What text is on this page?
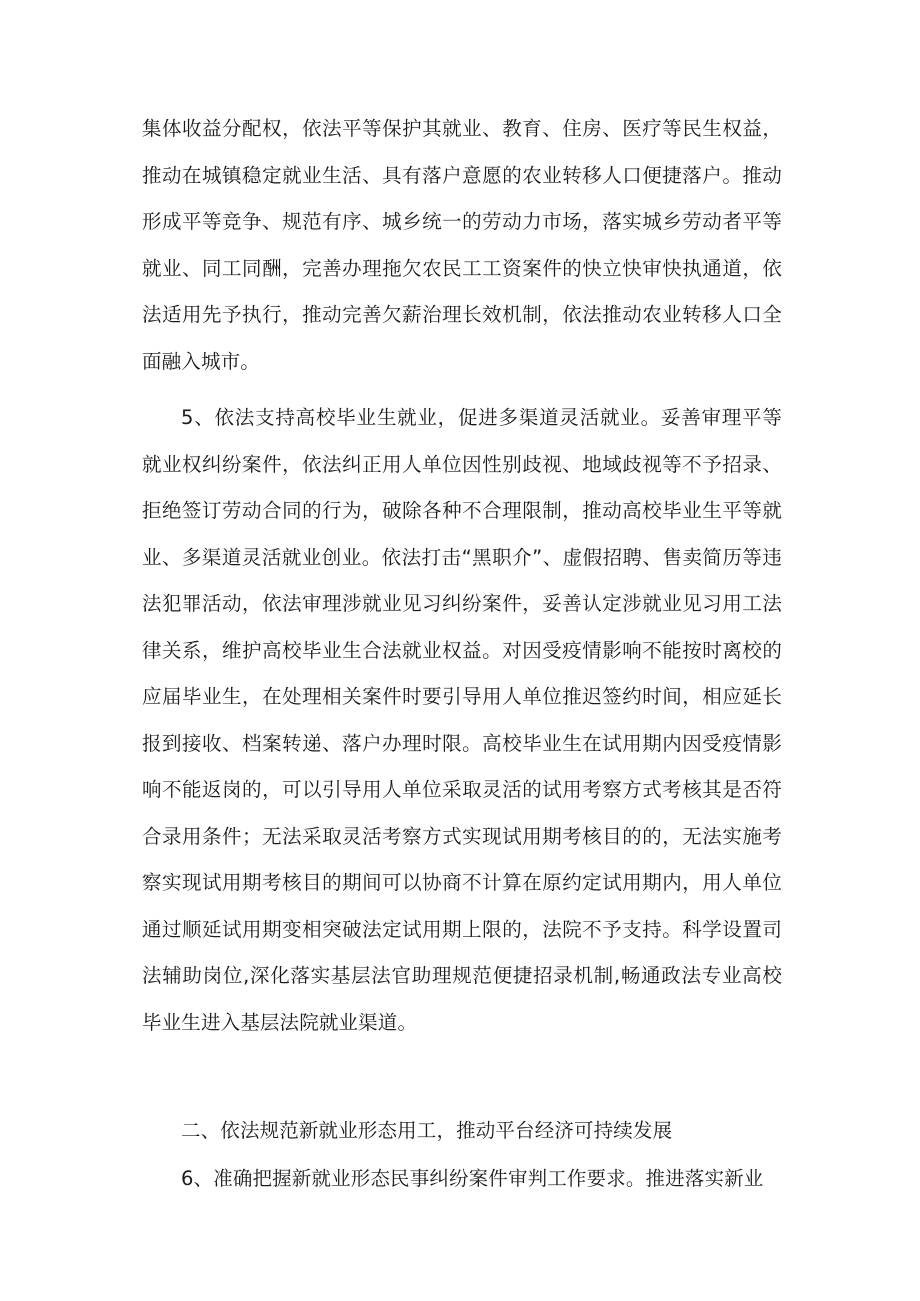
集体收益分配权，依法平等保护其就业、教育、住房、医疗等民生权益，推动在城镇稳定就业生活、具有落户意愿的农业转移人口便捷落户。推动形成平等竞争、规范有序、城乡统一的劳动力市场，落实城乡劳动者平等就业、同工同酬，完善办理拖欠农民工工资案件的快立快审快执通道，依法适用先予执行，推动完善欠薪治理长效机制，依法推动农业转移人口全面融入城市。

5、依法支持高校毕业生就业，促进多渠道灵活就业。妥善审理平等就业权纠纷案件，依法纠正用人单位因性别歧视、地域歧视等不予招录、拒绝签订劳动合同的行为，破除各种不合理限制，推动高校毕业生平等就业、多渠道灵活就业创业。依法打击“黑职介”、虚假招聘、售卖简历等违法犯罪活动，依法审理涉就业见习纠纷案件，妥善认定涉就业见习用工法律关系，维护高校毕业生合法就业权益。对因受疫情影响不能按时离校的应届毕业生，在处理相关案件时要引导用人单位推迟签约时间，相应延长报到接收、档案转递、落户办理时限。高校毕业生在试用期内因受疫情影响不能返岗的，可以引导用人单位采取灵活的试用考察方式考核其是否符合录用条件；无法采取灵活考察方式实现试用期考核目的的，无法实施考察实现试用期考核目的期间可以协商不计算在原约定试用期内，用人单位通过顺延试用期变相突破法定试用期上限的，法院不予支持。科学设置司法辅助岗位,深化落实基层法官助理规范便捷招录机制,畅通政法专业高校毕业生进入基层法院就业渠道。

二、依法规范新就业形态用工，推动平台经济可持续发展

6、准确把握新就业形态民事纠纷案件审判工作要求。推进落实新业
